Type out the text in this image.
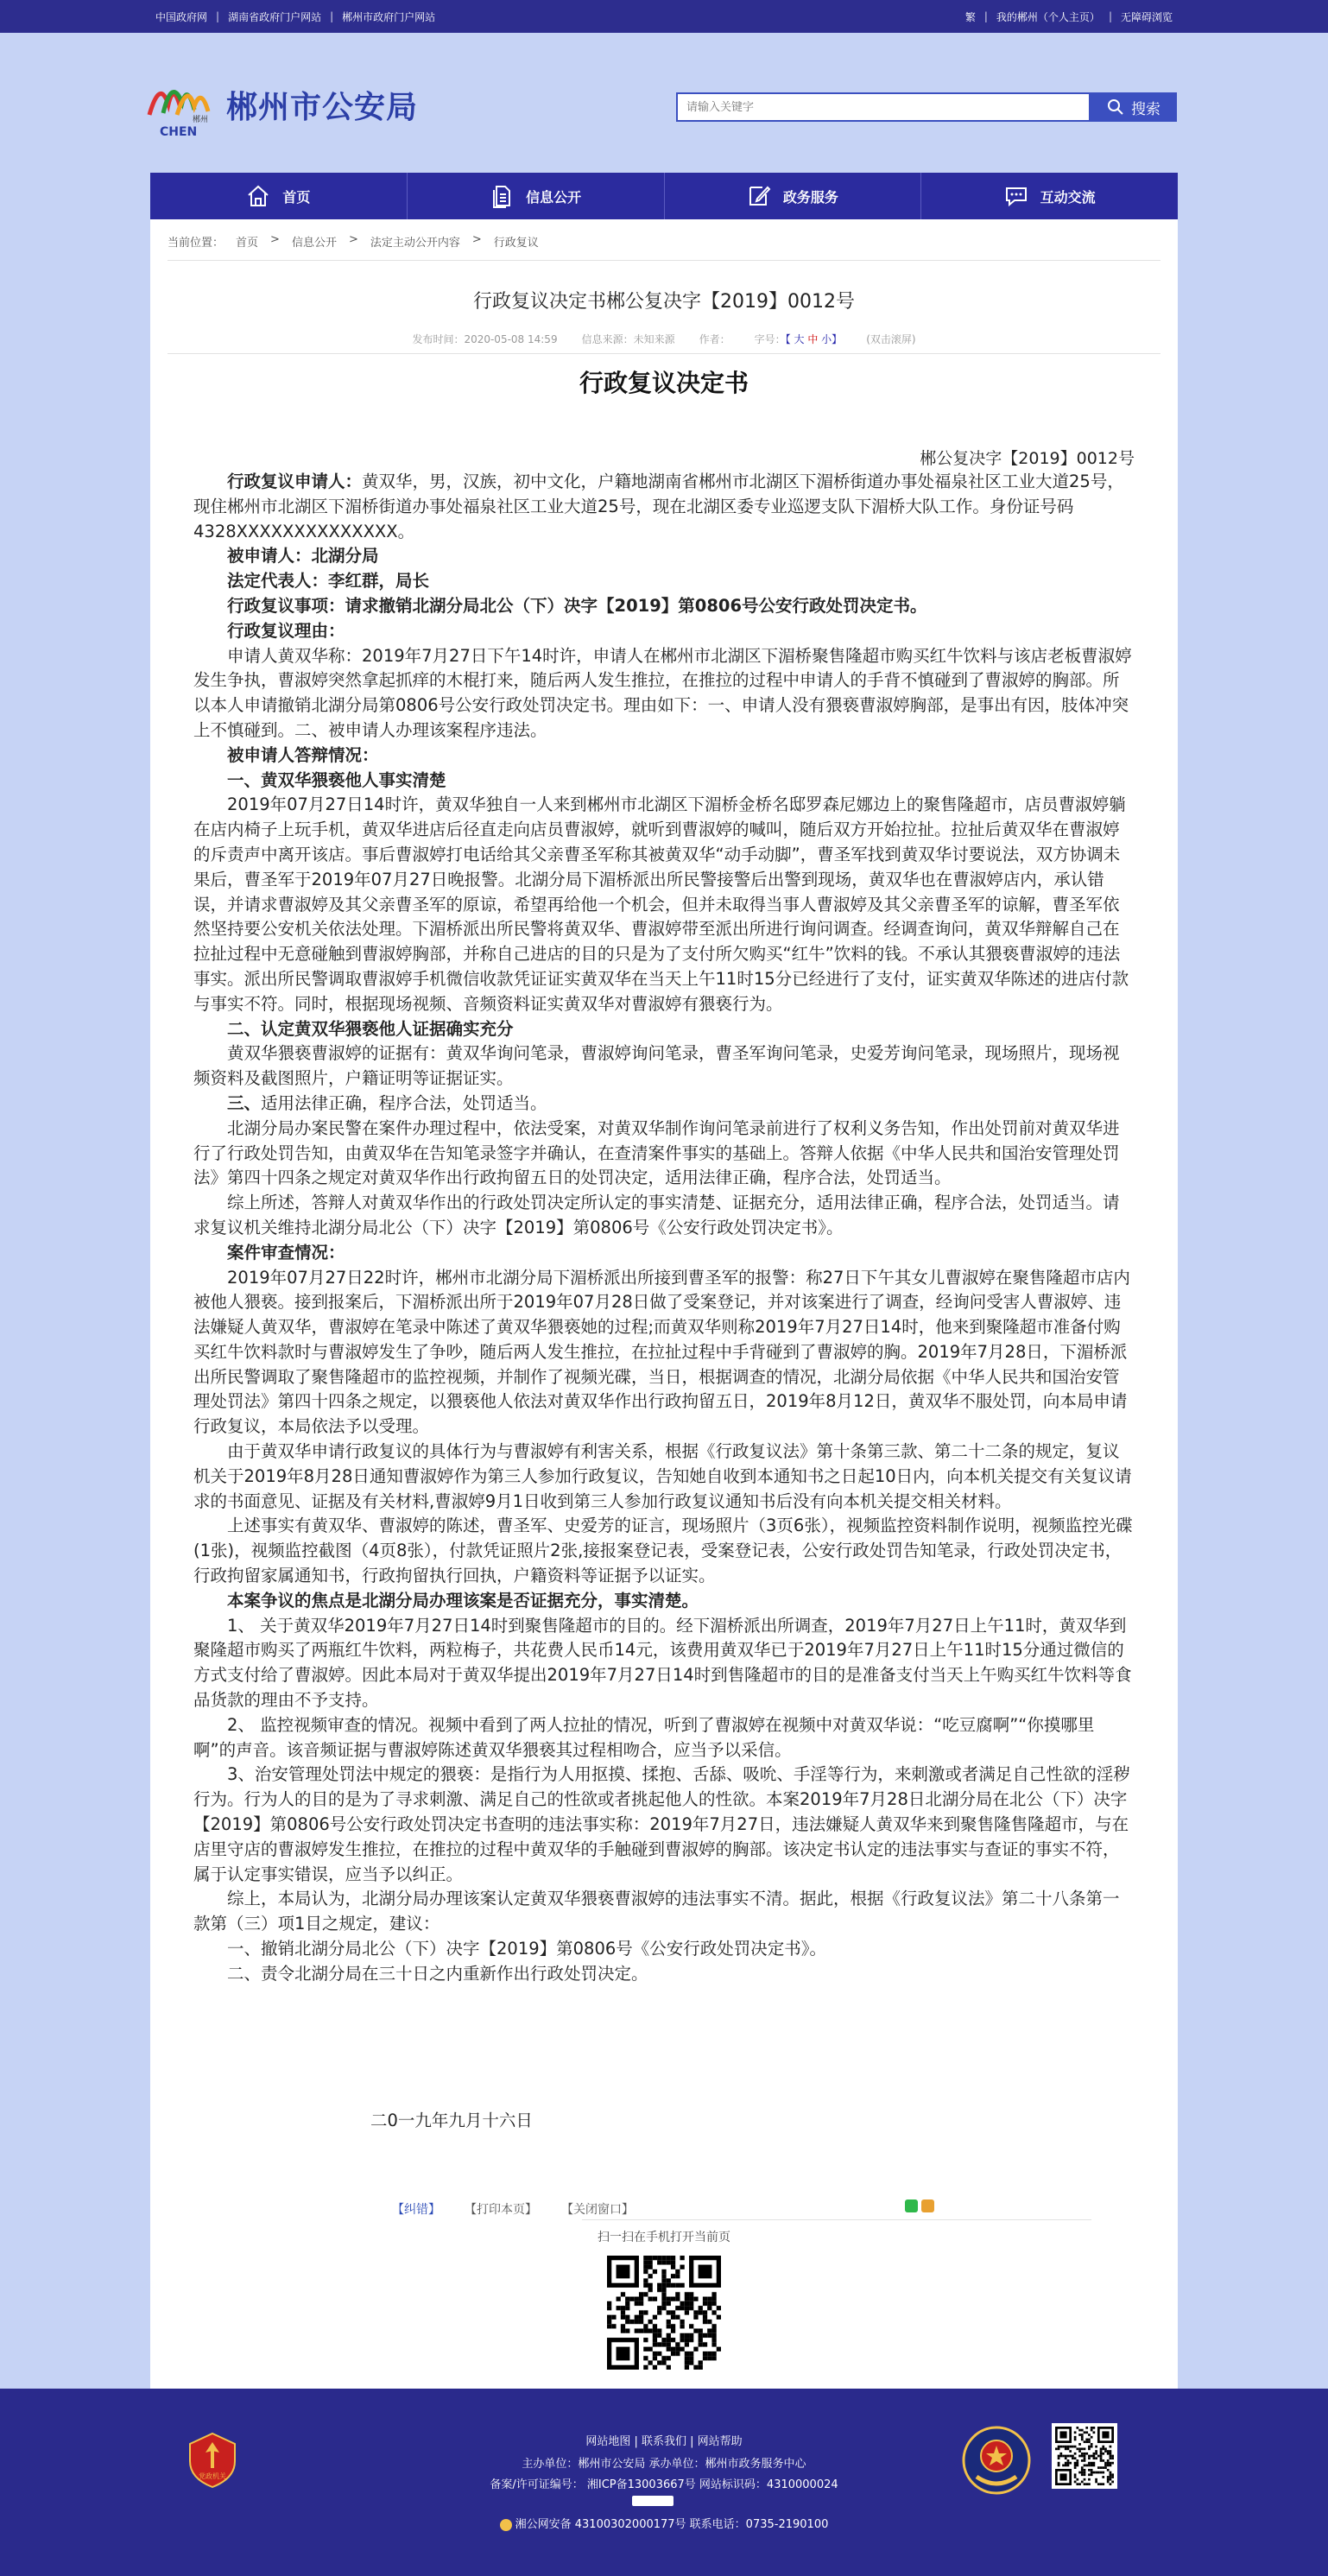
中国政府网 | 湖南省政府门户网站 | 郴州市政府门户网站	繁 | 我的郴州（个人主页） | 无障碍浏览
郴州
CHEN
郴州市公安局
请输入关键字	搜索
首页	信息公开	政务服务	互动交流
当前位置： 首页 > 信息公开 > 法定主动公开内容 > 行政复议
行政复议决定书郴公复决字【2019】0012号
发布时间：2020-05-08 14:59 信息来源：未知来源 作者： 字号：【 大 中 小】 (双击滚屏)
行政复议决定书
郴公复决字【2019】0012号

行政复议申请人：黄双华，男，汉族，初中文化，户籍地湖南省郴州市北湖区下湄桥街道办事处福泉社区工业大道25号，现住郴州市北湖区下湄桥街道办事处福泉社区工业大道25号，现在北湖区委专业巡逻支队下湄桥大队工作。身份证号码4328XXXXXXXXXXXXXX。

被申请人：北湖分局

法定代表人：李红群，局长

行政复议事项：请求撤销北湖分局北公（下）决字【2019】第0806号公安行政处罚决定书。

行政复议理由：

申请人黄双华称：2019年7月27日下午14时许，申请人在郴州市北湖区下湄桥聚售隆超市购买红牛饮料与该店老板曹淑婷发生争执，曹淑婷突然拿起抓痒的木棍打来，随后两人发生推拉，在推拉的过程中申请人的手背不慎碰到了曹淑婷的胸部。所以本人申请撤销北湖分局第0806号公安行政处罚决定书。理由如下：一、申请人没有猥亵曹淑婷胸部，是事出有因，肢体冲突上不慎碰到。二、被申请人办理该案程序违法。

被申请人答辩情况：

一、黄双华猥亵他人事实清楚

2019年07月27日14时许，黄双华独自一人来到郴州市北湖区下湄桥金桥名邸罗森尼娜边上的聚售隆超市，店员曹淑婷躺在店内椅子上玩手机，黄双华进店后径直走向店员曹淑婷，就听到曹淑婷的喊叫，随后双方开始拉扯。拉扯后黄双华在曹淑婷的斥责声中离开该店。事后曹淑婷打电话给其父亲曹圣军称其被黄双华“动手动脚”，曹圣军找到黄双华讨要说法，双方协调未果后，曹圣军于2019年07月27日晚报警。北湖分局下湄桥派出所民警接警后出警到现场，黄双华也在曹淑婷店内，承认错误，并请求曹淑婷及其父亲曹圣军的原谅，希望再给他一个机会，但并未取得当事人曹淑婷及其父亲曹圣军的谅解，曹圣军依然坚持要公安机关依法处理。下湄桥派出所民警将黄双华、曹淑婷带至派出所进行询问调查。经调查询问，黄双华辩解自己在拉扯过程中无意碰触到曹淑婷胸部，并称自己进店的目的只是为了支付所欠购买“红牛”饮料的钱。不承认其猥亵曹淑婷的违法事实。派出所民警调取曹淑婷手机微信收款凭证证实黄双华在当天上午11时15分已经进行了支付，证实黄双华陈述的进店付款与事实不符。同时，根据现场视频、音频资料证实黄双华对曹淑婷有猥亵行为。

二、认定黄双华猥亵他人证据确实充分

黄双华猥亵曹淑婷的证据有：黄双华询问笔录，曹淑婷询问笔录，曹圣军询问笔录，史爱芳询问笔录，现场照片，现场视频资料及截图照片，户籍证明等证据证实。

三、适用法律正确，程序合法，处罚适当。

北湖分局办案民警在案件办理过程中，依法受案，对黄双华制作询问笔录前进行了权利义务告知，作出处罚前对黄双华进行了行政处罚告知，由黄双华在告知笔录签字并确认，在查清案件事实的基础上。答辩人依据《中华人民共和国治安管理处罚法》第四十四条之规定对黄双华作出行政拘留五日的处罚决定，适用法律正确，程序合法，处罚适当。

综上所述，答辩人对黄双华作出的行政处罚决定所认定的事实清楚、证据充分，适用法律正确，程序合法，处罚适当。请求复议机关维持北湖分局北公（下）决字【2019】第0806号《公安行政处罚决定书》。

案件审查情况：

2019年07月27日22时许，郴州市北湖分局下湄桥派出所接到曹圣军的报警：称27日下午其女儿曹淑婷在聚售隆超市店内被他人猥亵。接到报案后，下湄桥派出所于2019年07月28日做了受案登记，并对该案进行了调查，经询问受害人曹淑婷、违法嫌疑人黄双华，曹淑婷在笔录中陈述了黄双华猥亵她的过程;而黄双华则称2019年7月27日14时，他来到聚隆超市准备付购买红牛饮料款时与曹淑婷发生了争吵，随后两人发生推拉，在拉扯过程中手背碰到了曹淑婷的胸。2019年7月28日，下湄桥派出所民警调取了聚售隆超市的监控视频，并制作了视频光碟，当日，根据调查的情况，北湖分局依据《中华人民共和国治安管理处罚法》第四十四条之规定，以猥亵他人依法对黄双华作出行政拘留五日，2019年8月12日，黄双华不服处罚，向本局申请行政复议，本局依法予以受理。

由于黄双华申请行政复议的具体行为与曹淑婷有利害关系，根据《行政复议法》第十条第三款、第二十二条的规定，复议机关于2019年8月28日通知曹淑婷作为第三人参加行政复议，告知她自收到本通知书之日起10日内，向本机关提交有关复议请求的书面意见、证据及有关材料,曹淑婷9月1日收到第三人参加行政复议通知书后没有向本机关提交相关材料。

上述事实有黄双华、曹淑婷的陈述，曹圣军、史爱芳的证言，现场照片（3页6张），视频监控资料制作说明，视频监控光碟(1张)，视频监控截图（4页8张），付款凭证照片2张,接报案登记表，受案登记表，公安行政处罚告知笔录，行政处罚决定书，行政拘留家属通知书，行政拘留执行回执，户籍资料等证据予以证实。

本案争议的焦点是北湖分局办理该案是否证据充分，事实清楚。

1、 关于黄双华2019年7月27日14时到聚售隆超市的目的。经下湄桥派出所调查，2019年7月27日上午11时，黄双华到聚隆超市购买了两瓶红牛饮料，两粒梅子，共花费人民币14元，该费用黄双华已于2019年7月27日上午11时15分通过微信的方式支付给了曹淑婷。因此本局对于黄双华提出2019年7月27日14时到售隆超市的目的是准备支付当天上午购买红牛饮料等食品货款的理由不予支持。

2、 监控视频审查的情况。视频中看到了两人拉扯的情况，听到了曹淑婷在视频中对黄双华说：“吃豆腐啊”“你摸哪里啊”的声音。该音频证据与曹淑婷陈述黄双华猥亵其过程相吻合，应当予以采信。

3、治安管理处罚法中规定的猥亵：是指行为人用抠摸、揉抱、舌舔、吸吮、手淫等行为，来刺激或者满足自己性欲的淫秽行为。行为人的目的是为了寻求刺激、满足自己的性欲或者挑起他人的性欲。本案2019年7月28日北湖分局在北公（下）决字【2019】第0806号公安行政处罚决定书查明的违法事实称：2019年7月27日，违法嫌疑人黄双华来到聚售隆售隆超市，与在店里守店的曹淑婷发生推拉，在推拉的过程中黄双华的手触碰到曹淑婷的胸部。该决定书认定的违法事实与查证的事实不符，属于认定事实错误，应当予以纠正。

综上，本局认为，北湖分局办理该案认定黄双华猥亵曹淑婷的违法事实不清。据此，根据《行政复议法》第二十八条第一款第（三）项1目之规定，建议：

一、撤销北湖分局北公（下）决字【2019】第0806号《公安行政处罚决定书》。

二、责令北湖分局在三十日之内重新作出行政处罚决定。

二0一九年九月十六日
【纠错】 【打印本页】 【关闭窗口】
扫一扫在手机打开当前页
党政机关
网站地图 | 联系我们 | 网站帮助
主办单位：郴州市公安局 承办单位：郴州市政务服务中心
备案/许可证编号： 湘ICP备13003667号 网站标识码：4310000024
湘公网安备 43100302000177号 联系电话：0735-2190100
